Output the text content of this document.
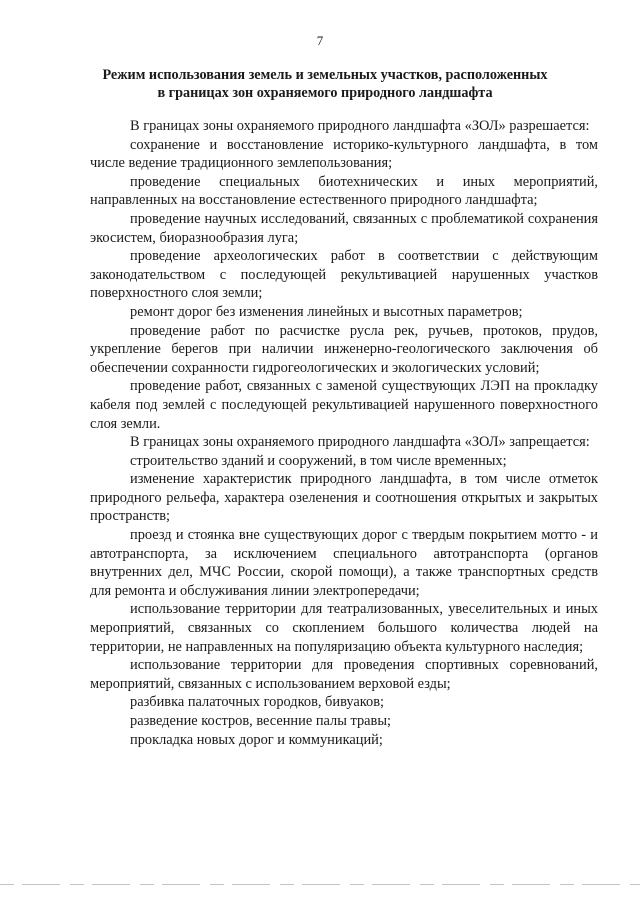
7
Режим использования земель и земельных участков, расположенных
в границах зон охраняемого природного ландшафта

В границах зоны охраняемого природного ландшафта «ЗОЛ» разрешается:

сохранение и восстановление историко-культурного ландшафта, в том числе ведение традиционного землепользования;

проведение специальных биотехнических и иных мероприятий, направленных на восстановление естественного природного ландшафта;

проведение научных исследований, связанных с проблематикой сохранения экосистем, биоразнообразия луга;

проведение археологических работ в соответствии с действующим законодательством с последующей рекультивацией нарушенных участков поверхностного слоя земли;

ремонт дорог без изменения линейных и высотных параметров;

проведение работ по расчистке русла рек, ручьев, протоков, прудов, укрепление берегов при наличии инженерно-геологического заключения об обеспечении сохранности гидрогеологических и экологических условий;

проведение работ, связанных с заменой существующих ЛЭП на прокладку кабеля под землей с последующей рекультивацией нарушенного поверхностного слоя земли.

В границах зоны охраняемого природного ландшафта «ЗОЛ» запрещается:

строительство зданий и сооружений, в том числе временных;

изменение характеристик природного ландшафта, в том числе отметок природного рельефа, характера озеленения и соотношения открытых и закрытых пространств;

проезд и стоянка вне существующих дорог с твердым покрытием мотто - и автотранспорта, за исключением специального автотранспорта (органов внутренних дел, МЧС России, скорой помощи), а также транспортных средств для ремонта и обслуживания линии электропередачи;

использование территории для театрализованных, увеселительных и иных мероприятий, связанных со скоплением большого количества людей на территории, не направленных на популяризацию объекта культурного наследия;

использование территории для проведения спортивных соревнований, мероприятий, связанных с использованием верховой езды;

разбивка палаточных городков, бивуаков;

разведение костров, весенние палы травы;

прокладка новых дорог и коммуникаций;
